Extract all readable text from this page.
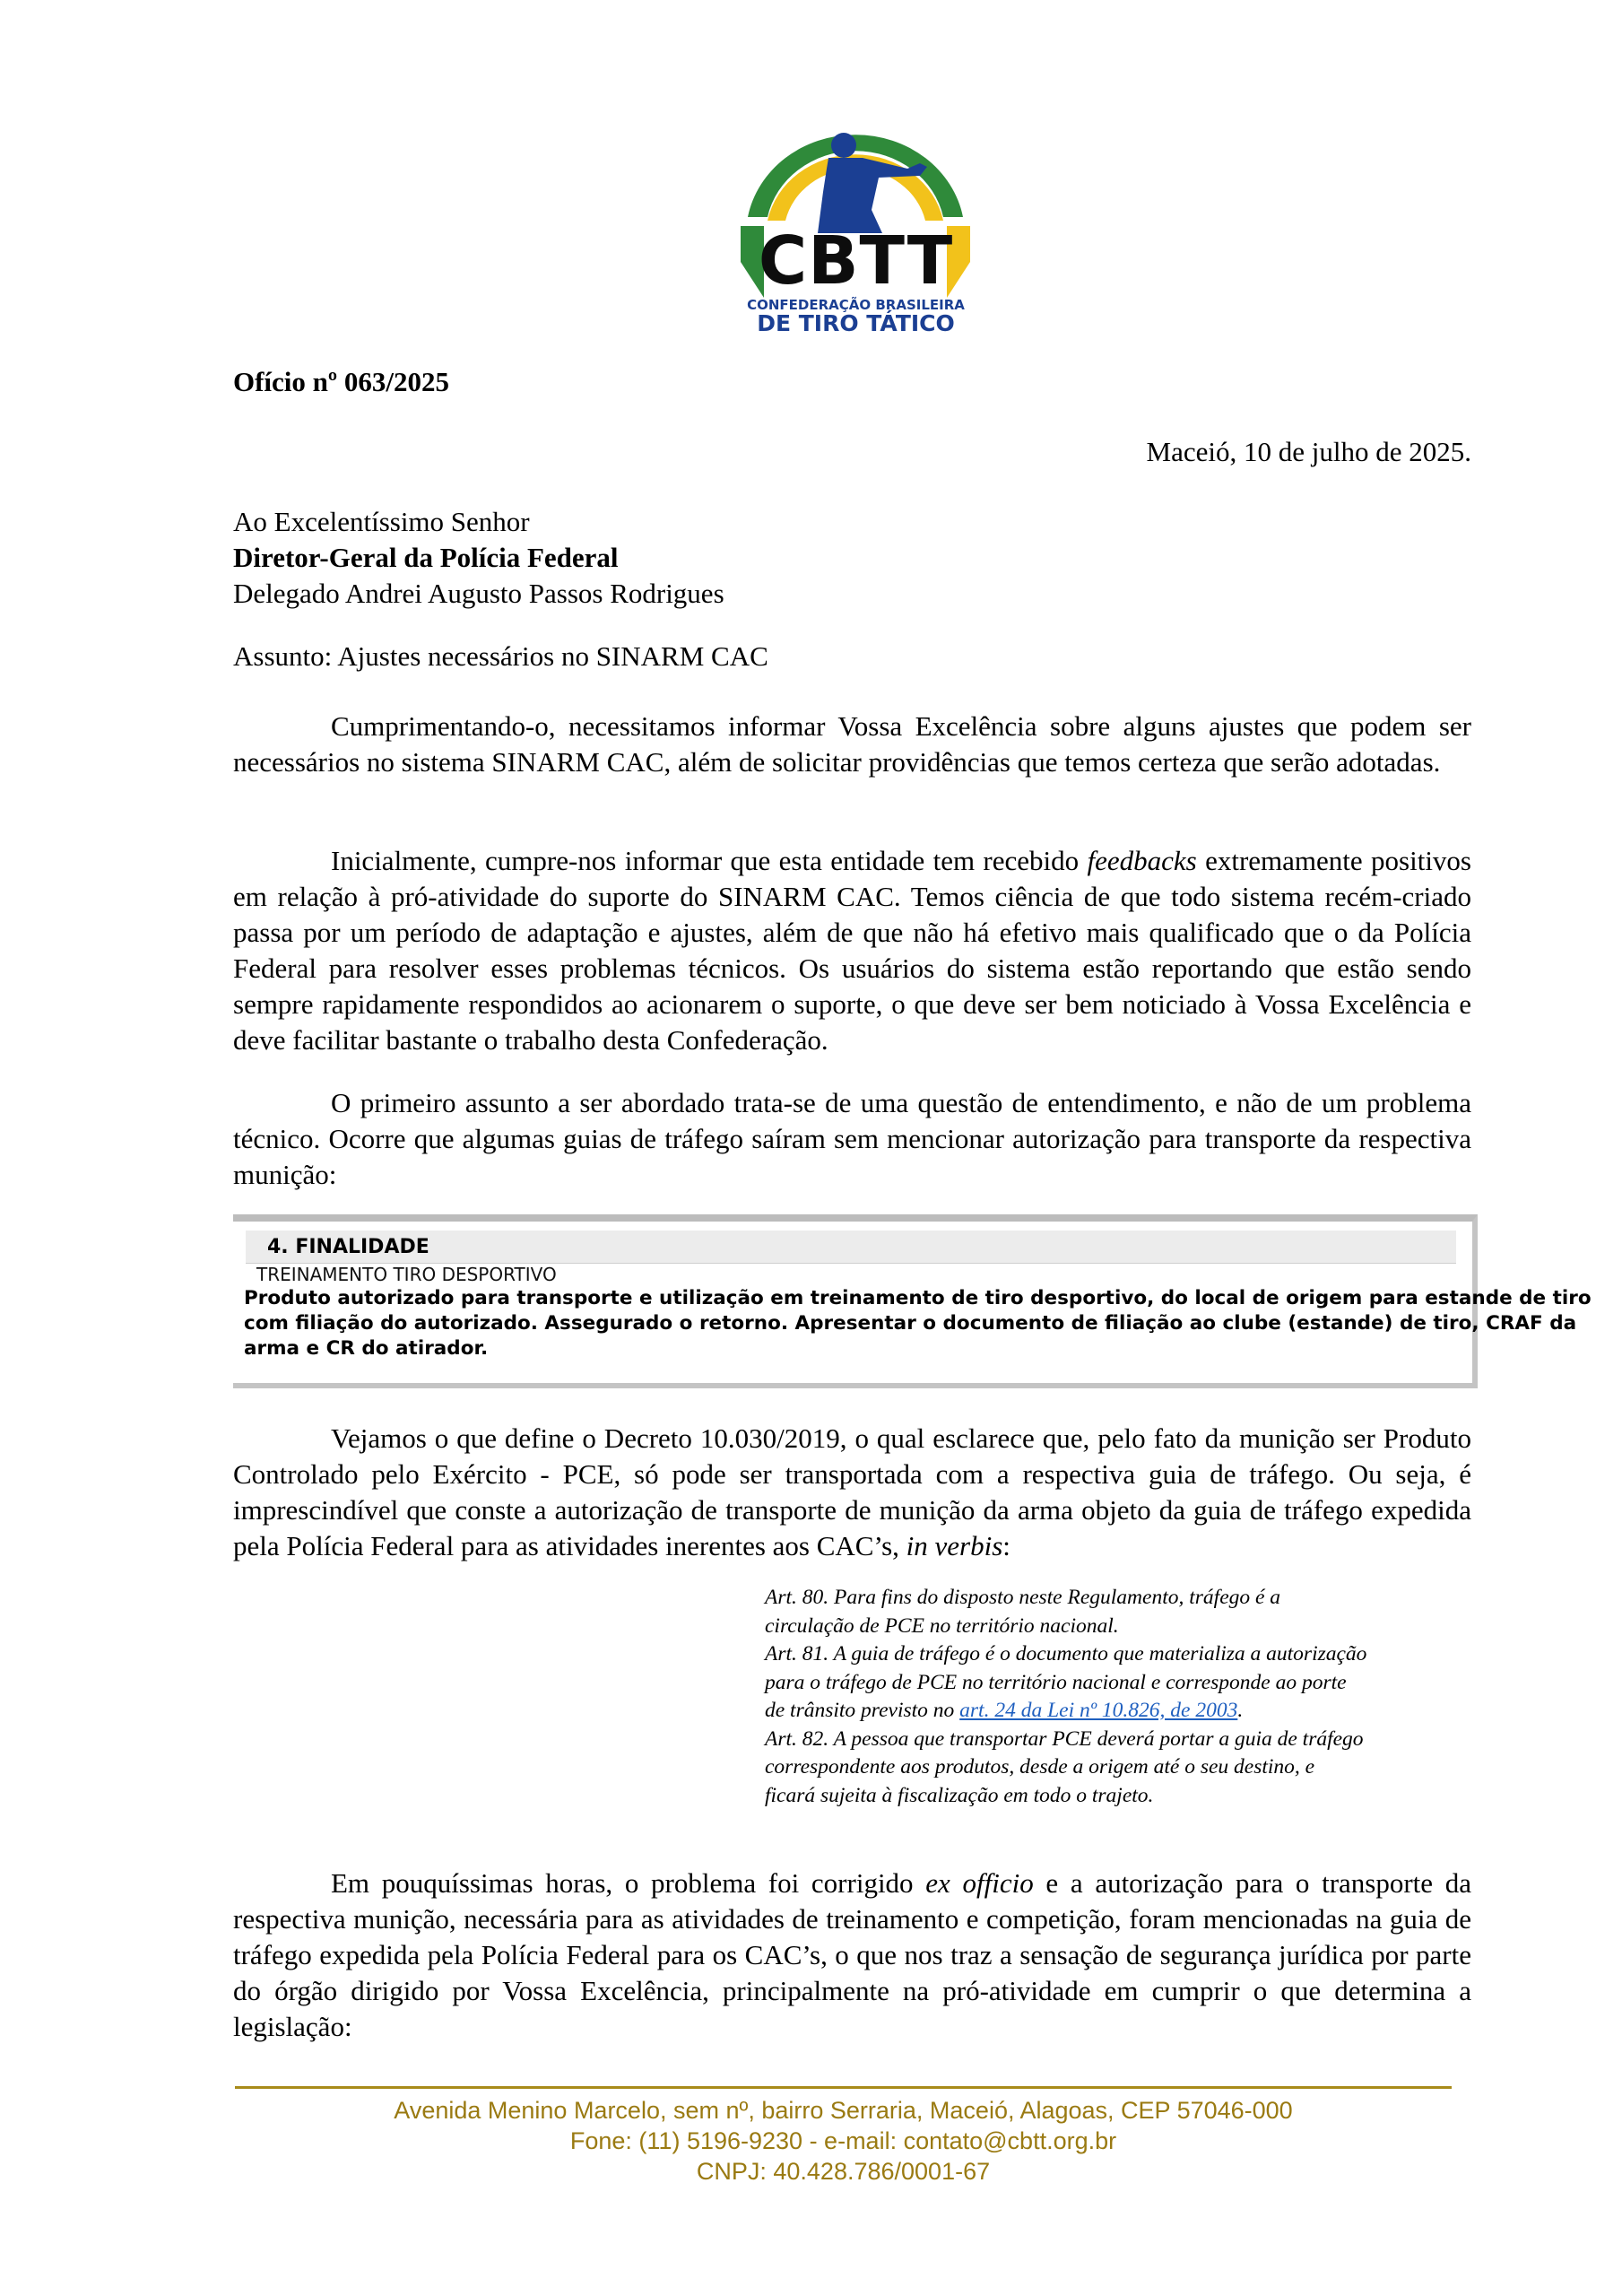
CBTT
CONFEDERAÇÃO BRASILEIRA
DE TIRO TÁTICO
Ofício nº 063/2025
Maceió, 10 de julho de 2025.
Ao Excelentíssimo Senhor
Diretor-Geral da Polícia Federal
Delegado Andrei Augusto Passos Rodrigues
Assunto: Ajustes necessários no SINARM CAC
Cumprimentando-o, necessitamos informar Vossa Excelência sobre alguns ajustes que podem ser necessários no sistema SINARM CAC, além de solicitar providências que temos certeza que serão adotadas.
Inicialmente, cumpre-nos informar que esta entidade tem recebido feedbacks extremamente positivos em relação à pró-atividade do suporte do SINARM CAC. Temos ciência de que todo sistema recém-criado passa por um período de adaptação e ajustes, além de que não há efetivo mais qualificado que o da Polícia Federal para resolver esses problemas técnicos. Os usuários do sistema estão reportando que estão sendo sempre rapidamente respondidos ao acionarem o suporte, o que deve ser bem noticiado à Vossa Excelência e deve facilitar bastante o trabalho desta Confederação.
O primeiro assunto a ser abordado trata-se de uma questão de entendimento, e não de um problema técnico. Ocorre que algumas guias de tráfego saíram sem mencionar autorização para transporte da respectiva munição:
4. FINALIDADE
TREINAMENTO TIRO DESPORTIVO
Produto autorizado para transporte e utilização em treinamento de tiro desportivo, do local de origem para estande de tiro
com filiação do autorizado. Assegurado o retorno. Apresentar o documento de filiação ao clube (estande) de tiro, CRAF da
arma e CR do atirador.
Vejamos o que define o Decreto 10.030/2019, o qual esclarece que, pelo fato da munição ser Produto Controlado pelo Exército - PCE, só pode ser transportada com a respectiva guia de tráfego. Ou seja, é imprescindível que conste a autorização de transporte de munição da arma objeto da guia de tráfego expedida pela Polícia Federal para as atividades inerentes aos CAC’s, in verbis:
Art. 80. Para fins do disposto neste Regulamento, tráfego é a
circulação de PCE no território nacional.
Art. 81. A guia de tráfego é o documento que materializa a autorização
para o tráfego de PCE no território nacional e corresponde ao porte
de trânsito previsto no art. 24 da Lei nº 10.826, de 2003.
Art. 82. A pessoa que transportar PCE deverá portar a guia de tráfego
correspondente aos produtos, desde a origem até o seu destino, e
ficará sujeita à fiscalização em todo o trajeto.
Em pouquíssimas horas, o problema foi corrigido ex officio e a autorização para o transporte da respectiva munição, necessária para as atividades de treinamento e competição, foram mencionadas na guia de tráfego expedida pela Polícia Federal para os CAC’s, o que nos traz a sensação de segurança jurídica por parte do órgão dirigido por Vossa Excelência, principalmente na pró-atividade em cumprir o que determina a legislação:
Avenida Menino Marcelo, sem nº, bairro Serraria, Maceió, Alagoas, CEP 57046-000
Fone: (11) 5196-9230 - e-mail: contato@cbtt.org.br
CNPJ: 40.428.786/0001-67
